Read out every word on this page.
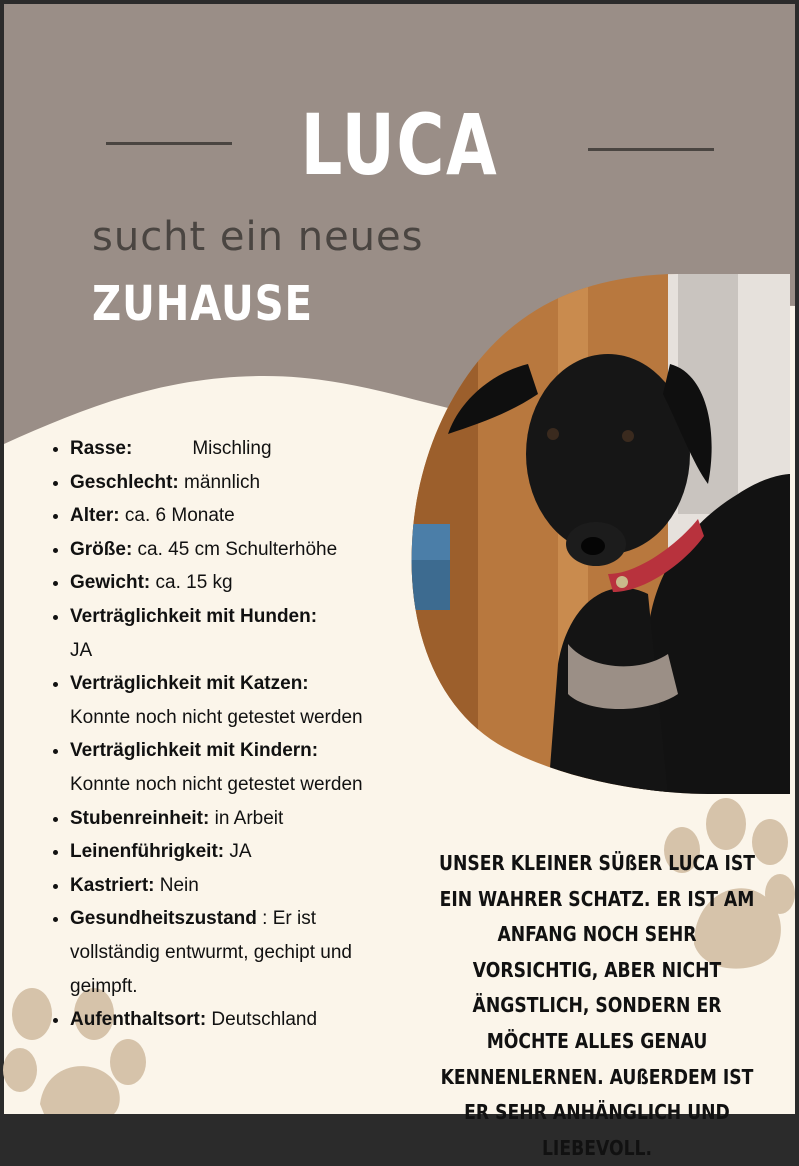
LUCA
sucht ein neues
ZUHAUSE
• Rasse:	Mischling
• Geschlecht: männlich
• Alter: ca. 6 Monate
• Größe: ca. 45 cm Schulterhöhe
• Gewicht: ca. 15 kg
• Verträglichkeit mit Hunden:
JA
• Verträglichkeit mit Katzen:
Konnte noch nicht getestet werden
• Verträglichkeit mit Kindern:
Konnte noch nicht getestet werden
• Stubenreinheit: in Arbeit
• Leinenführigkeit: JA
• Kastriert: Nein
• Gesundheitszustand : Er ist vollständig entwurmt, gechipt und geimpft.
• Aufenthaltsort: Deutschland
UNSER KLEINER SÜßER LUCA IST EIN WAHRER SCHATZ. ER IST AM ANFANG NOCH SEHR VORSICHTIG, ABER NICHT ÄNGSTLICH, SONDERN ER MÖCHTE ALLES GENAU KENNENLERNEN. AUßERDEM IST ER SEHR ANHÄNGLICH UND LIEBEVOLL.
